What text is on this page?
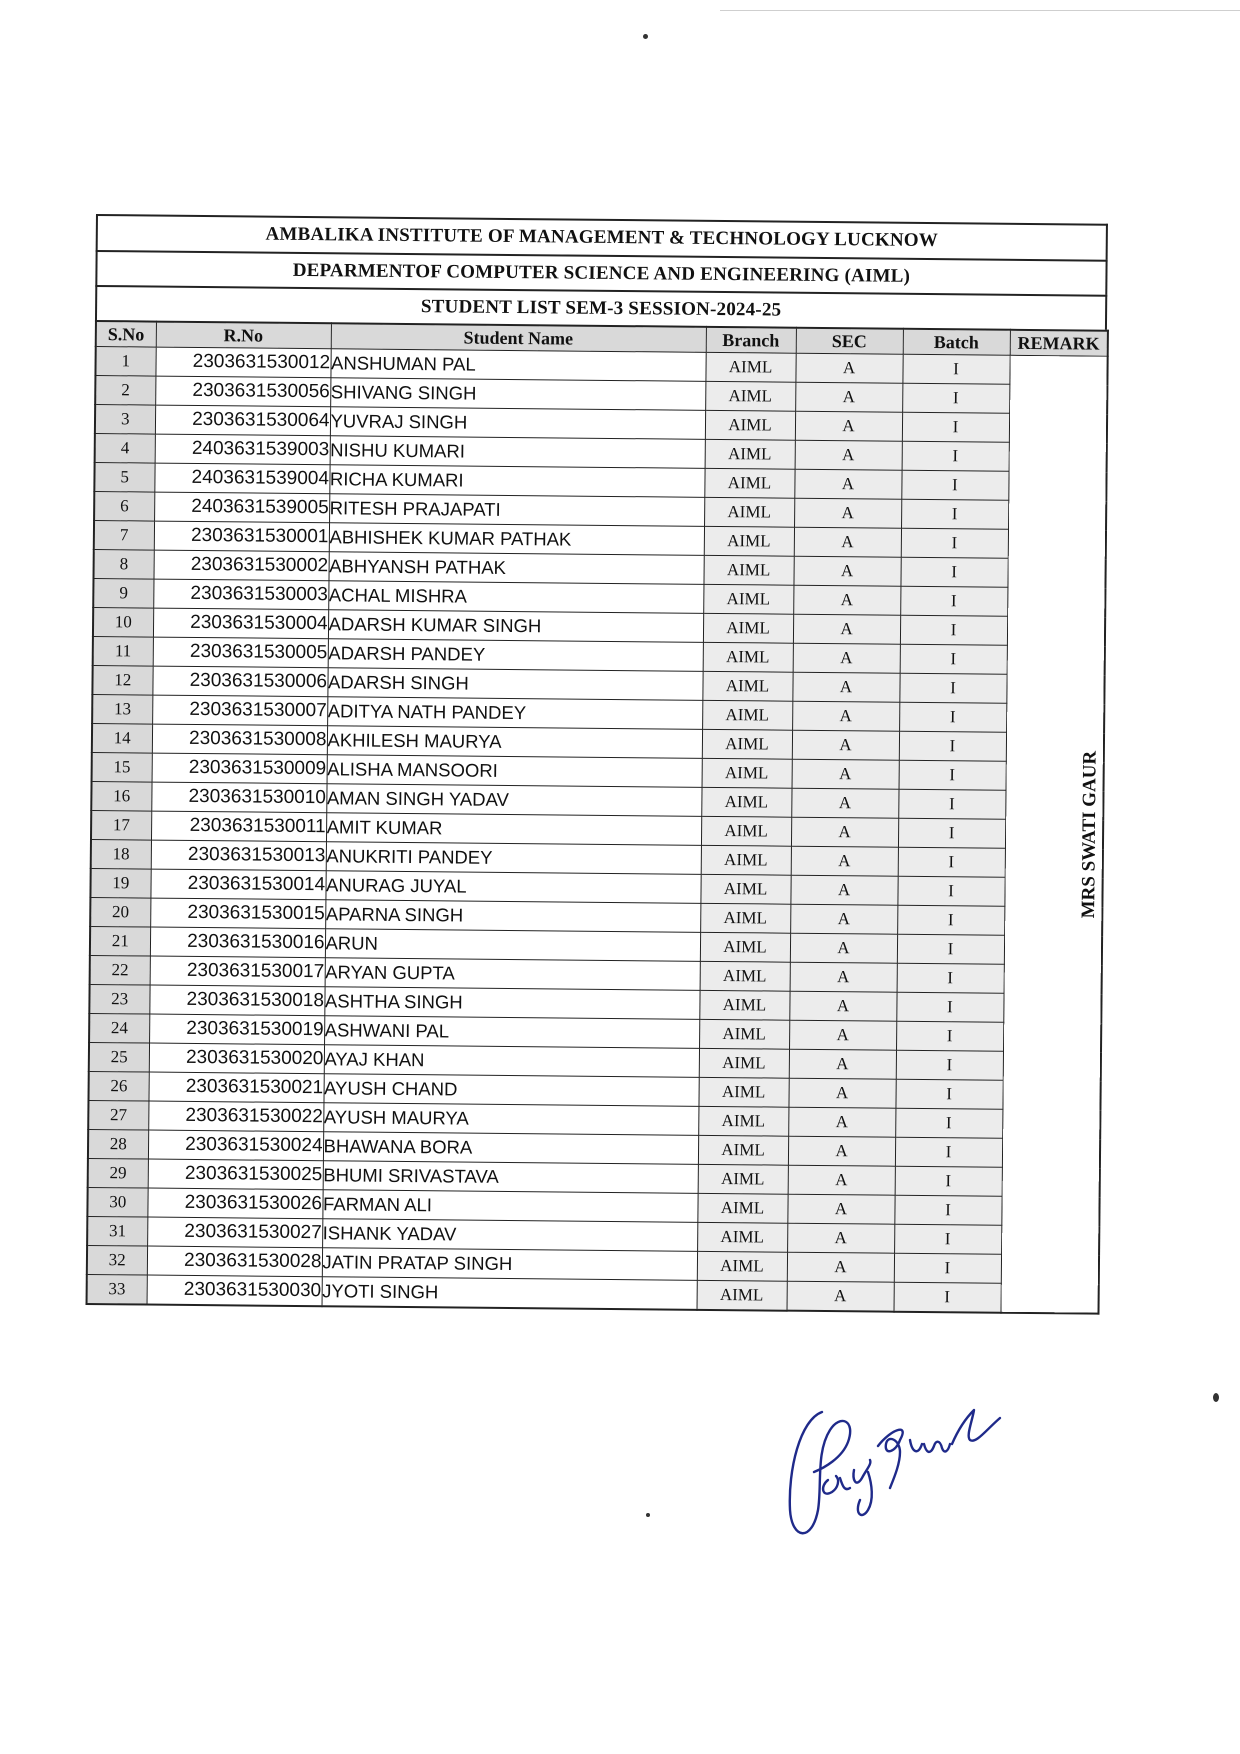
AMBALIKA INSTITUTE OF MANAGEMENT & TECHNOLOGY LUCKNOW
DEPARMENTOF COMPUTER SCIENCE AND ENGINEERING (AIML)
STUDENT LIST SEM-3 SESSION-2024-25
S.No	R.No	Student Name	Branch	SEC	Batch	REMARK
1	2303631530012	ANSHUMAN PAL	AIML	A	I	MRS SWATI GAUR
2	2303631530056	SHIVANG SINGH	AIML	A	I	
3	2303631530064	YUVRAJ SINGH	AIML	A	I	
4	2403631539003	NISHU KUMARI	AIML	A	I	
5	2403631539004	RICHA KUMARI	AIML	A	I	
6	2403631539005	RITESH PRAJAPATI	AIML	A	I	
7	2303631530001	ABHISHEK KUMAR PATHAK	AIML	A	I	
8	2303631530002	ABHYANSH PATHAK	AIML	A	I	
9	2303631530003	ACHAL MISHRA	AIML	A	I	
10	2303631530004	ADARSH KUMAR SINGH	AIML	A	I	
11	2303631530005	ADARSH PANDEY	AIML	A	I	
12	2303631530006	ADARSH SINGH	AIML	A	I	
13	2303631530007	ADITYA NATH PANDEY	AIML	A	I	
14	2303631530008	AKHILESH MAURYA	AIML	A	I	
15	2303631530009	ALISHA MANSOORI	AIML	A	I	
16	2303631530010	AMAN SINGH YADAV	AIML	A	I	
17	2303631530011	AMIT KUMAR	AIML	A	I	
18	2303631530013	ANUKRITI PANDEY	AIML	A	I	
19	2303631530014	ANURAG JUYAL	AIML	A	I	
20	2303631530015	APARNA SINGH	AIML	A	I	
21	2303631530016	ARUN	AIML	A	I	
22	2303631530017	ARYAN GUPTA	AIML	A	I	
23	2303631530018	ASHTHA SINGH	AIML	A	I	
24	2303631530019	ASHWANI PAL	AIML	A	I	
25	2303631530020	AYAJ KHAN	AIML	A	I	
26	2303631530021	AYUSH CHAND	AIML	A	I	
27	2303631530022	AYUSH MAURYA	AIML	A	I	
28	2303631530024	BHAWANA BORA	AIML	A	I	
29	2303631530025	BHUMI SRIVASTAVA	AIML	A	I	
30	2303631530026	FARMAN ALI	AIML	A	I	
31	2303631530027	ISHANK YADAV	AIML	A	I	
32	2303631530028	JATIN PRATAP SINGH	AIML	A	I	
33	2303631530030	JYOTI SINGH	AIML	A	I	
